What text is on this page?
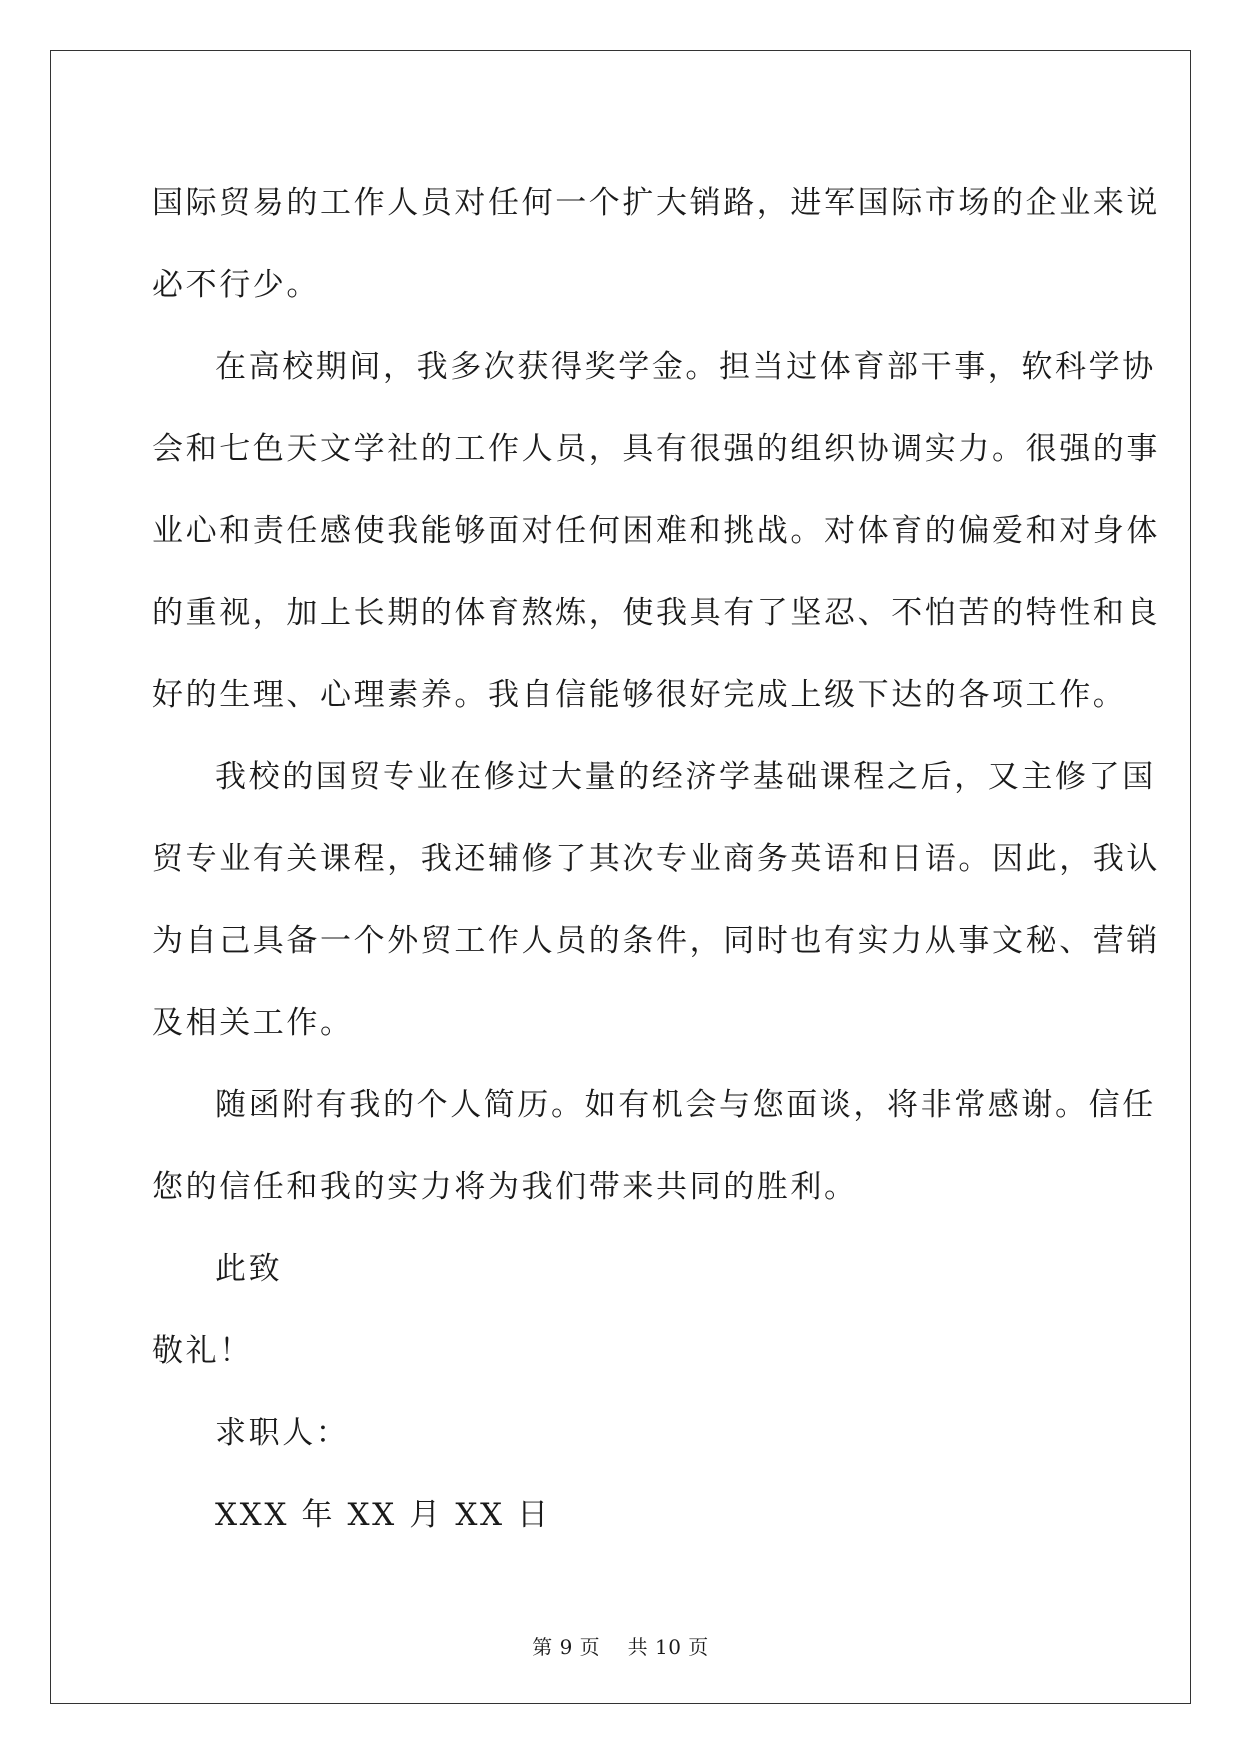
国际贸易的工作人员对任何一个扩大销路，进军国际市场的企业来说
必不行少。
在高校期间，我多次获得奖学金。担当过体育部干事，软科学协
会和七色天文学社的工作人员，具有很强的组织协调实力。很强的事
业心和责任感使我能够面对任何困难和挑战。对体育的偏爱和对身体
的重视，加上长期的体育熬炼，使我具有了坚忍、不怕苦的特性和良
好的生理、心理素养。我自信能够很好完成上级下达的各项工作。
我校的国贸专业在修过大量的经济学基础课程之后，又主修了国
贸专业有关课程，我还辅修了其次专业商务英语和日语。因此，我认
为自己具备一个外贸工作人员的条件，同时也有实力从事文秘、营销
及相关工作。
随函附有我的个人简历。如有机会与您面谈，将非常感谢。信任
您的信任和我的实力将为我们带来共同的胜利。
此致
敬礼！
求职人：
XXX 年 XX 月 XX 日
第 9 页 共 10 页
